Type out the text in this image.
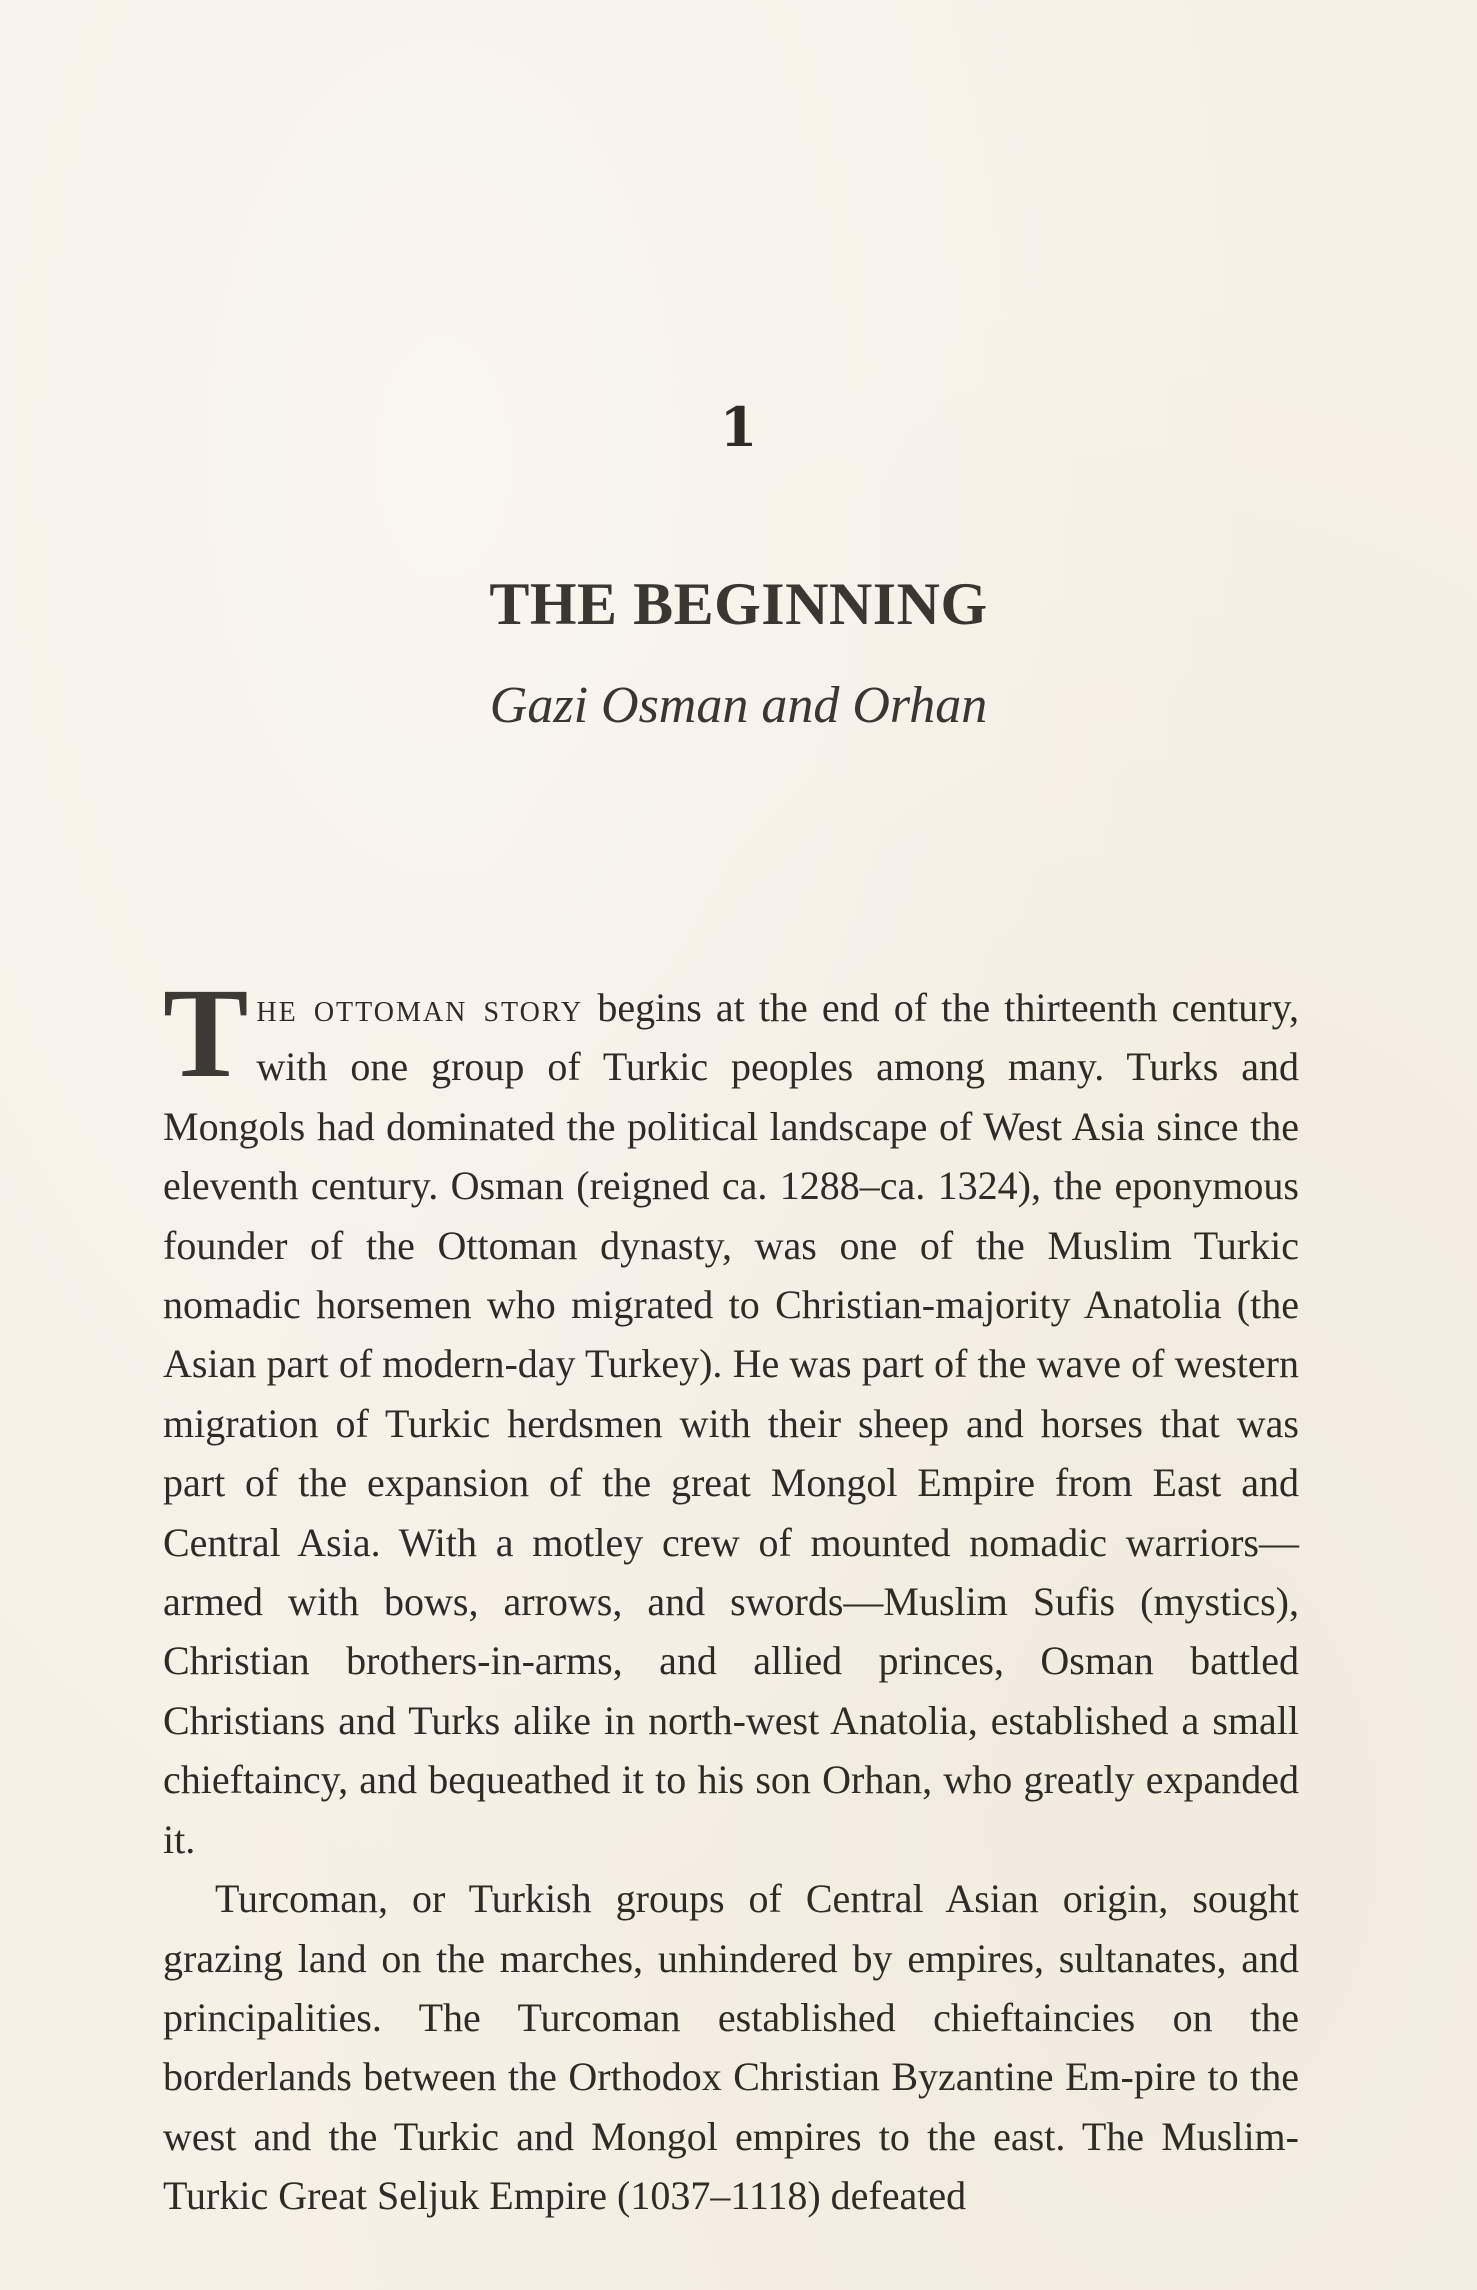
1
THE BEGINNING
Gazi Osman and Orhan

The ottoman story begins at the end of the thirteenth century, with one group of Turkic peoples among many. Turks and Mongols had dominated the political landscape of West Asia since the eleventh century. Osman (reigned ca. 1288–ca. 1324), the eponymous founder of the Ottoman dynasty, was one of the Muslim Turkic nomadic horsemen who migrated to Christian-majority Anatolia (the Asian part of modern-day Turkey). He was part of the wave of western migration of Turkic herdsmen with their sheep and horses that was part of the expansion of the great Mongol Empire from East and Central Asia. With a motley crew of mounted nomadic warriors—armed with bows, arrows, and swords—Muslim Sufis (mystics), Christian brothers-in-arms, and allied princes, Osman battled Christians and Turks alike in north-west Anatolia, established a small chieftaincy, and bequeathed it to his son Orhan, who greatly expanded it.

Turcoman, or Turkish groups of Central Asian origin, sought grazing land on the marches, unhindered by empires, sultanates, and principalities. The Turcoman established chieftaincies on the borderlands between the Orthodox Christian Byzantine Em-pire to the west and the Turkic and Mongol empires to the east. The Muslim-Turkic Great Seljuk Empire (1037–1118) defeated
